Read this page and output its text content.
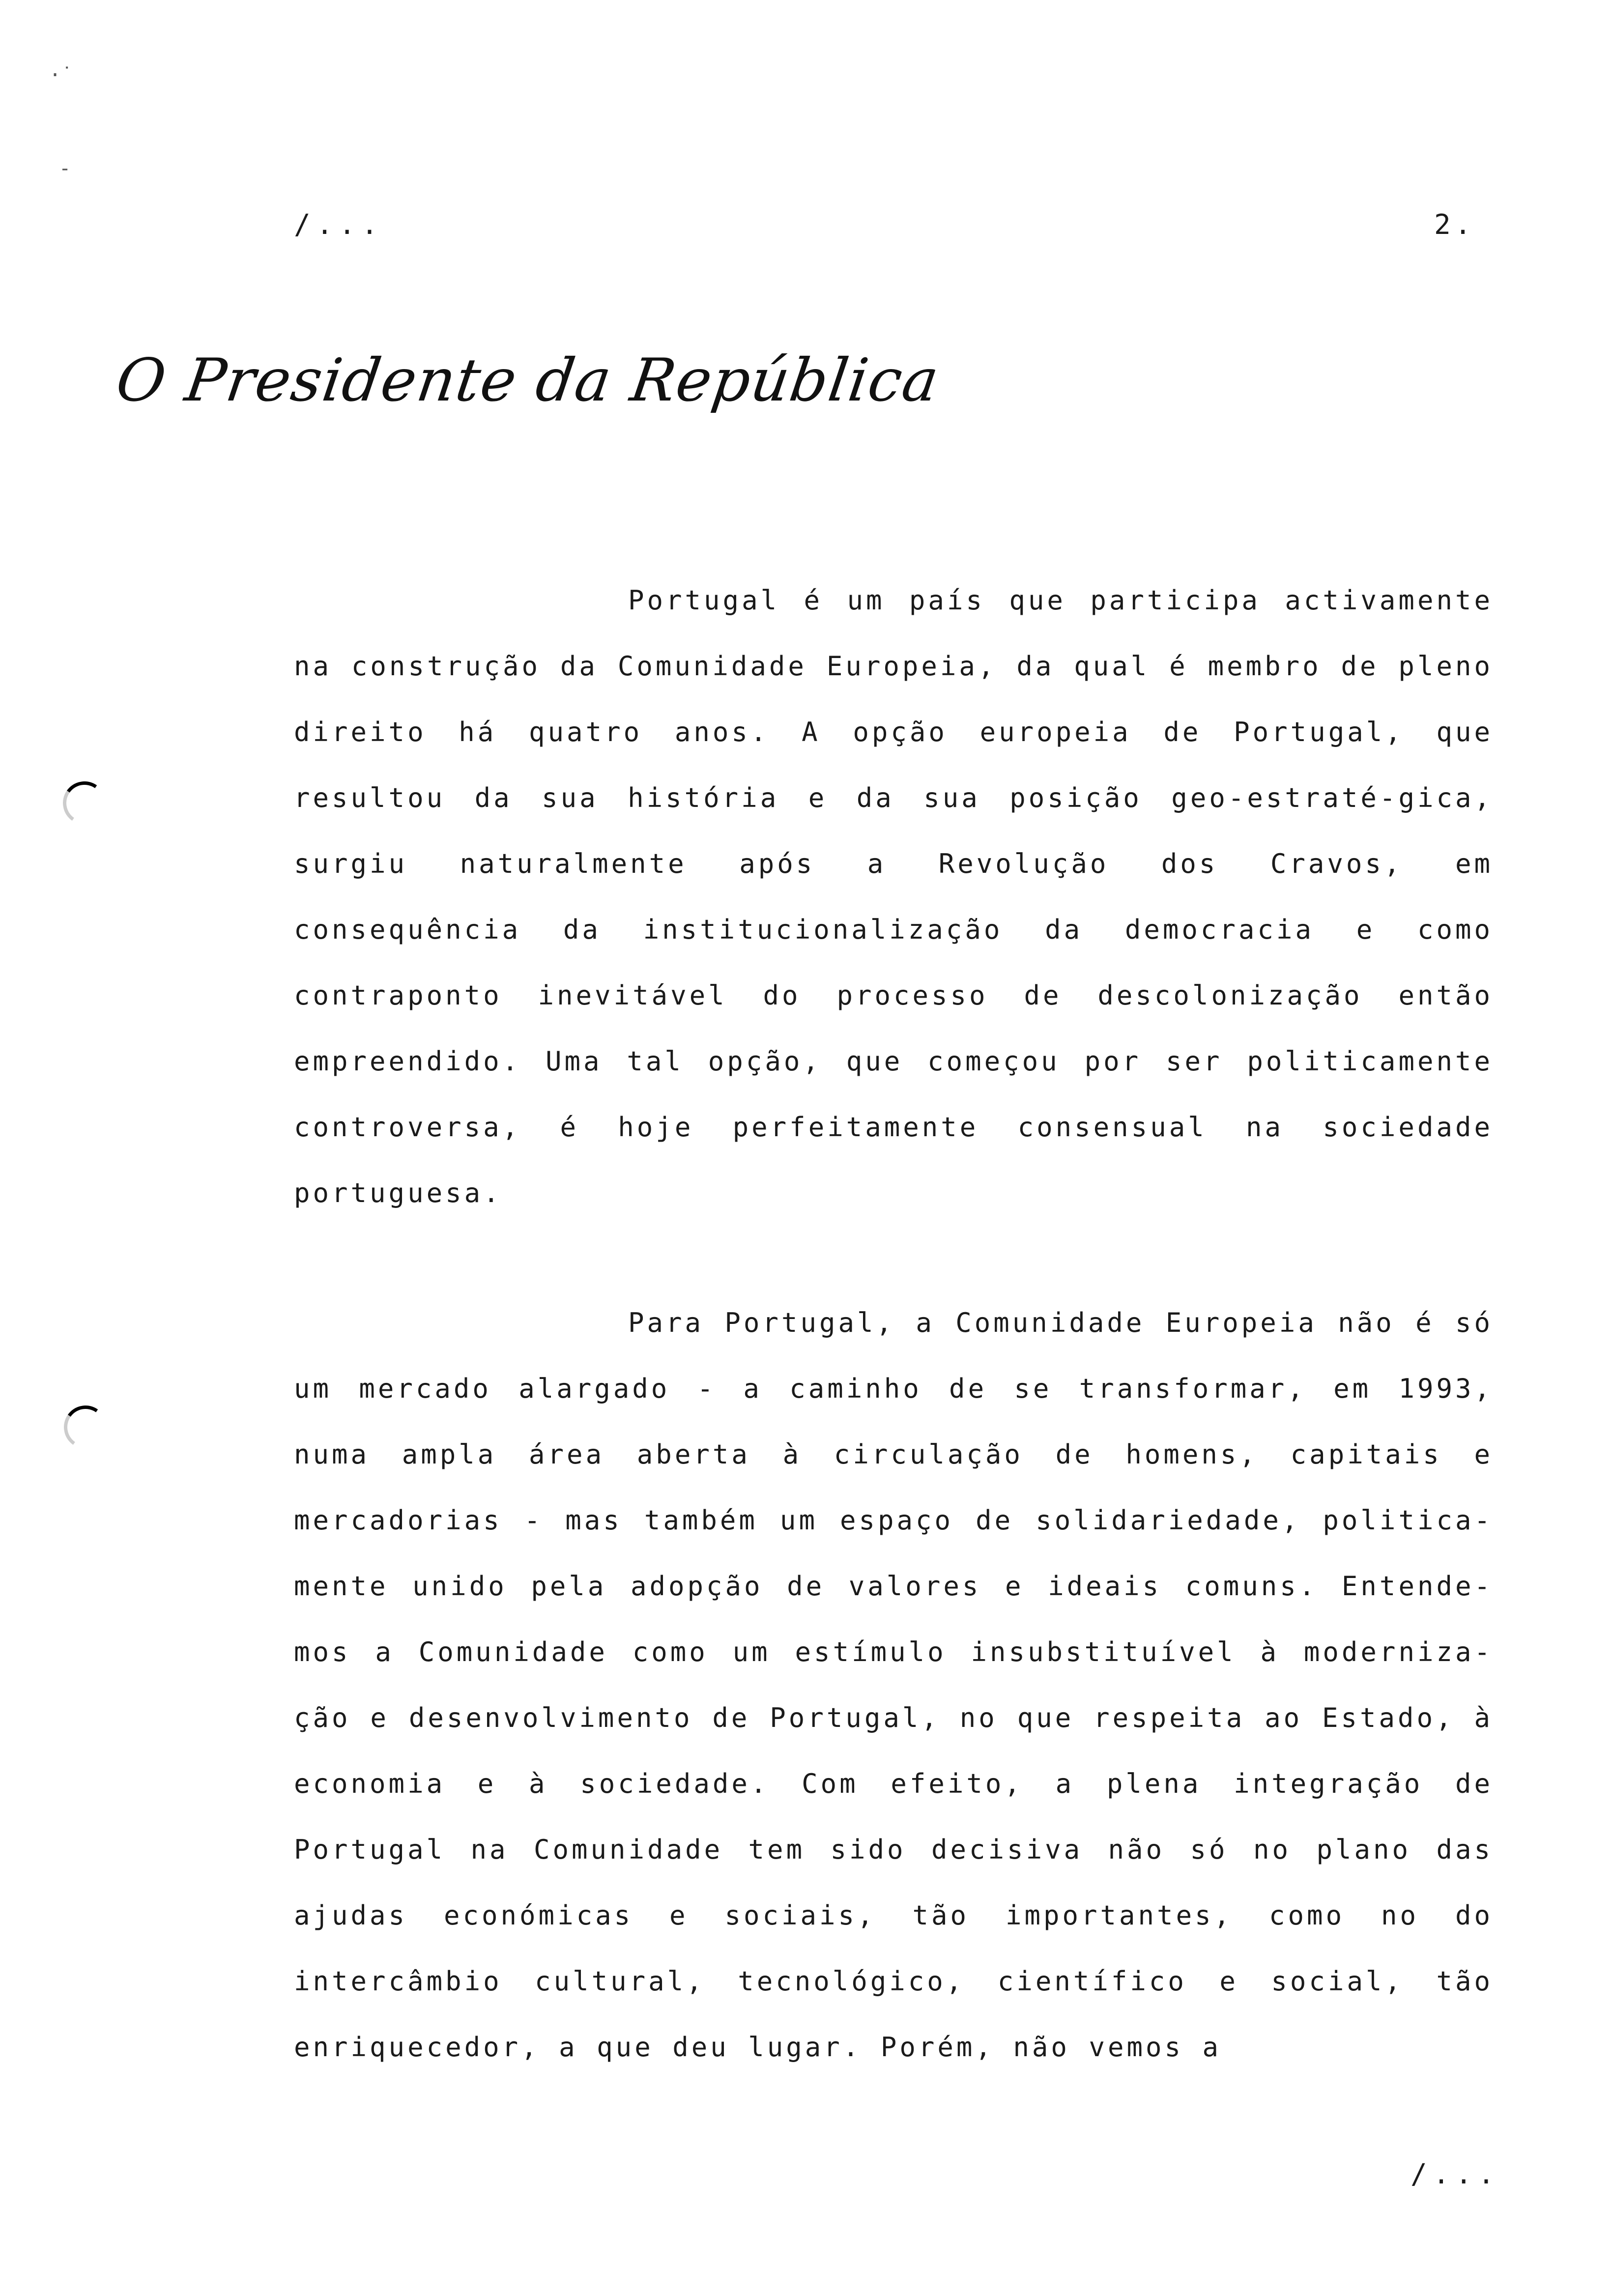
·˙
-
/...	2.
O Presidente da República

Portugal é um país que participa activamente na construção da Comunidade Europeia, da qual é membro de pleno direito há quatro anos. A opção europeia de Portugal, que resultou da sua história e da sua posição geo-estraté-gica, surgiu naturalmente após a Revolução dos Cravos, em consequência da institucionalização da democracia e como contraponto inevitável do processo de descolonização então empreendido. Uma tal opção, que começou por ser politicamente controversa, é hoje perfeitamente consensual na sociedade portuguesa.

Para Portugal, a Comunidade Europeia não é só um mercado alargado - a caminho de se transformar, em 1993, numa ampla área aberta à circulação de homens, capitais e mercadorias - mas também um espaço de solidariedade, politica-mente unido pela adopção de valores e ideais comuns. Entende-mos a Comunidade como um estímulo insubstituível à moderniza-ção e desenvolvimento de Portugal, no que respeita ao Estado, à economia e à sociedade. Com efeito, a plena integração de Portugal na Comunidade tem sido decisiva não só no plano das ajudas económicas e sociais, tão importantes, como no do intercâmbio cultural, tecnológico, científico e social, tão enriquecedor, a que deu lugar. Porém, não vemos a

/...
